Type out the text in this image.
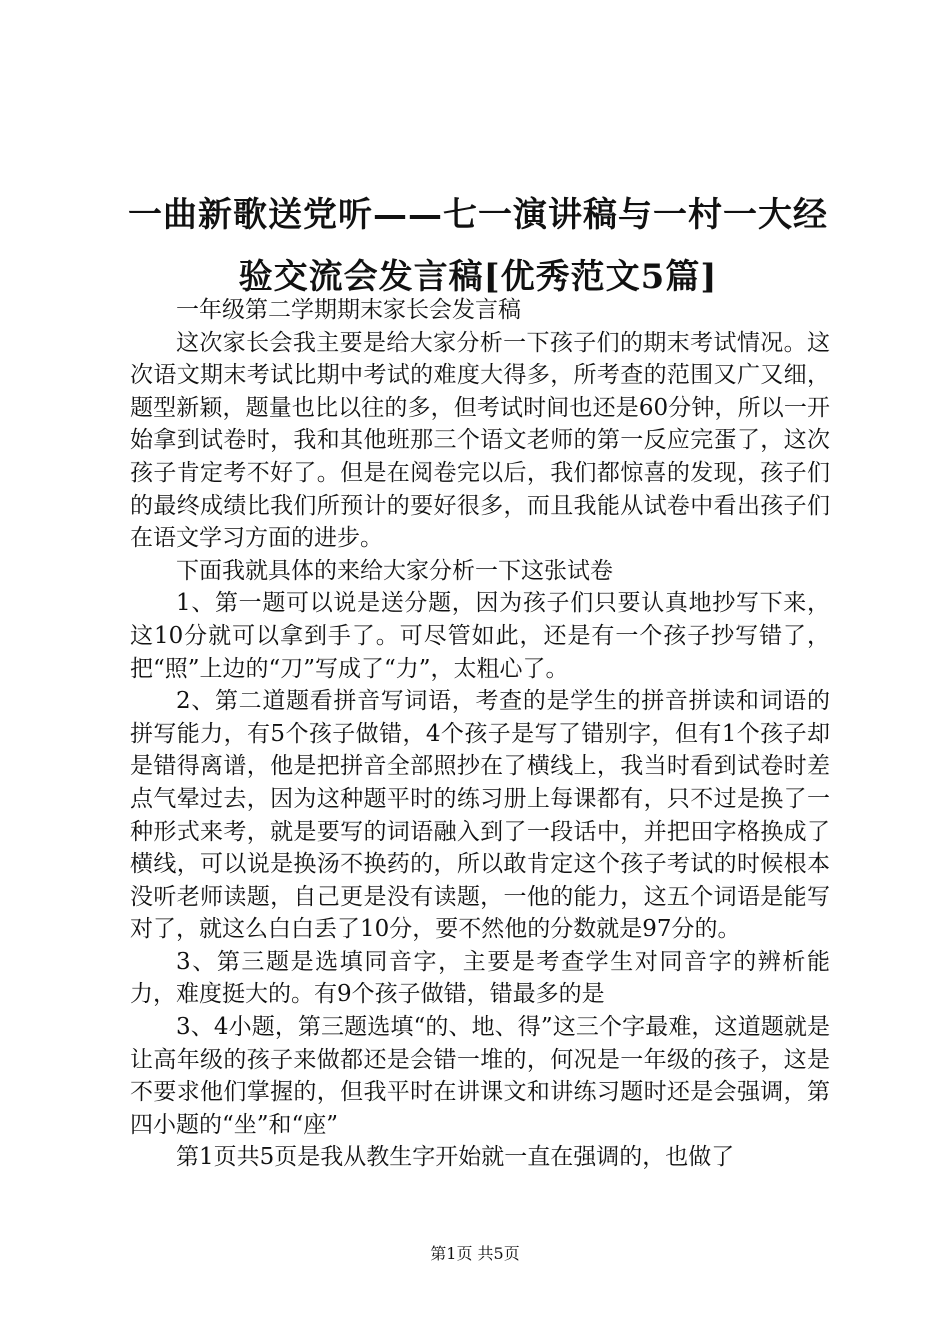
一曲新歌送党听——七一演讲稿与一村一大经验交流会发言稿[优秀范文5篇]

一年级第二学期期末家长会发言稿

这次家长会我主要是给大家分析一下孩子们的期末考试情况。这次语文期末考试比期中考试的难度大得多，所考查的范围又广又细，题型新颖，题量也比以往的多，但考试时间也还是60分钟，所以一开始拿到试卷时，我和其他班那三个语文老师的第一反应完蛋了，这次孩子肯定考不好了。但是在阅卷完以后，我们都惊喜的发现，孩子们的最终成绩比我们所预计的要好很多，而且我能从试卷中看出孩子们在语文学习方面的进步。

下面我就具体的来给大家分析一下这张试卷

1、第一题可以说是送分题，因为孩子们只要认真地抄写下来，这10分就可以拿到手了。可尽管如此，还是有一个孩子抄写错了，把“照”上边的“刀”写成了“力”，太粗心了。

2、第二道题看拼音写词语，考查的是学生的拼音拼读和词语的拼写能力，有5个孩子做错，4个孩子是写了错别字，但有1个孩子却是错得离谱，他是把拼音全部照抄在了横线上，我当时看到试卷时差点气晕过去，因为这种题平时的练习册上每课都有，只不过是换了一种形式来考，就是要写的词语融入到了一段话中，并把田字格换成了横线，可以说是换汤不换药的，所以敢肯定这个孩子考试的时候根本没听老师读题，自己更是没有读题，一他的能力，这五个词语是能写对了，就这么白白丢了10分，要不然他的分数就是97分的。

3、第三题是选填同音字，主要是考查学生对同音字的辨析能力，难度挺大的。有9个孩子做错，错最多的是

3、4小题，第三题选填“的、地、得”这三个字最难，这道题就是让高年级的孩子来做都还是会错一堆的，何况是一年级的孩子，这是不要求他们掌握的，但我平时在讲课文和讲练习题时还是会强调，第四小题的“坐”和“座”

第1页共5页是我从教生字开始就一直在强调的，也做了

第1页 共5页
